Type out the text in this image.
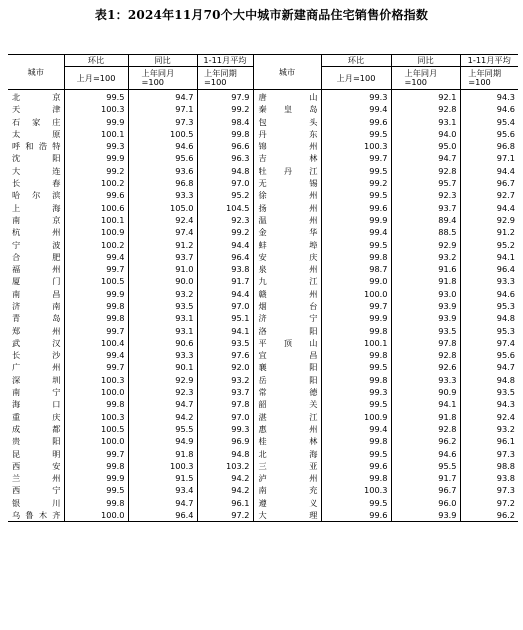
表1：2024年11月70个大中城市新建商品住宅销售价格指数
城市	环比	同比	1-11月平均	城市	环比	同比	1-11月平均
	上月=100	上年同月=100	上年同期=100		上月=100	上年同月=100	上年同期=100
北京	99.5	94.7	97.9	唐山	99.3	92.1	94.3
天津	100.3	97.1	99.2	秦皇岛	99.4	92.8	94.6
石家庄	99.9	97.3	98.4	包头	99.6	93.1	95.4
太原	100.1	100.5	99.8	丹东	99.5	94.0	95.6
呼和浩特	99.3	94.6	96.6	锦州	100.3	95.0	96.8
沈阳	99.9	95.6	96.3	吉林	99.7	94.7	97.1
大连	99.2	93.6	94.8	牡丹江	99.5	92.8	94.4
长春	100.2	96.8	97.0	无锡	99.2	95.7	96.7
哈尔滨	99.6	93.3	95.2	徐州	99.5	92.3	92.7
上海	100.6	105.0	104.5	扬州	99.6	93.7	94.4
南京	100.1	92.4	92.3	温州	99.9	89.4	92.9
杭州	100.9	97.4	99.2	金华	99.4	88.5	91.2
宁波	100.2	91.2	94.4	蚌埠	99.5	92.9	95.2
合肥	99.4	93.7	96.4	安庆	99.8	93.2	94.1
福州	99.7	91.0	93.8	泉州	98.7	91.6	96.4
厦门	100.5	90.0	91.7	九江	99.0	91.8	93.3
南昌	99.9	93.2	94.4	赣州	100.0	93.0	94.6
济南	99.8	93.5	97.0	烟台	99.7	93.9	95.3
青岛	99.8	93.1	95.1	济宁	99.9	93.9	94.8
郑州	99.7	93.1	94.1	洛阳	99.8	93.5	95.3
武汉	100.4	90.6	93.5	平顶山	100.1	97.8	97.4
长沙	99.4	93.3	97.6	宜昌	99.8	92.8	95.6
广州	99.7	90.1	92.0	襄阳	99.5	92.6	94.7
深圳	100.3	92.9	93.2	岳阳	99.8	93.3	94.8
南宁	100.0	92.3	93.7	常德	99.3	90.9	93.5
海口	99.8	94.7	97.8	韶关	99.5	94.1	94.3
重庆	100.3	94.2	97.0	湛江	100.9	91.8	92.4
成都	100.5	95.5	99.3	惠州	99.4	92.8	93.2
贵阳	100.0	94.9	96.9	桂林	99.8	96.2	96.1
昆明	99.7	91.8	94.8	北海	99.5	94.6	97.3
西安	99.8	100.3	103.2	三亚	99.6	95.5	98.8
兰州	99.9	91.5	94.2	泸州	99.8	91.7	93.8
西宁	99.5	93.4	94.2	南充	100.3	96.7	97.3
银川	99.8	94.7	96.1	遵义	99.5	96.0	97.2
乌鲁木齐	100.0	96.4	97.2	大理	99.6	93.9	96.2
